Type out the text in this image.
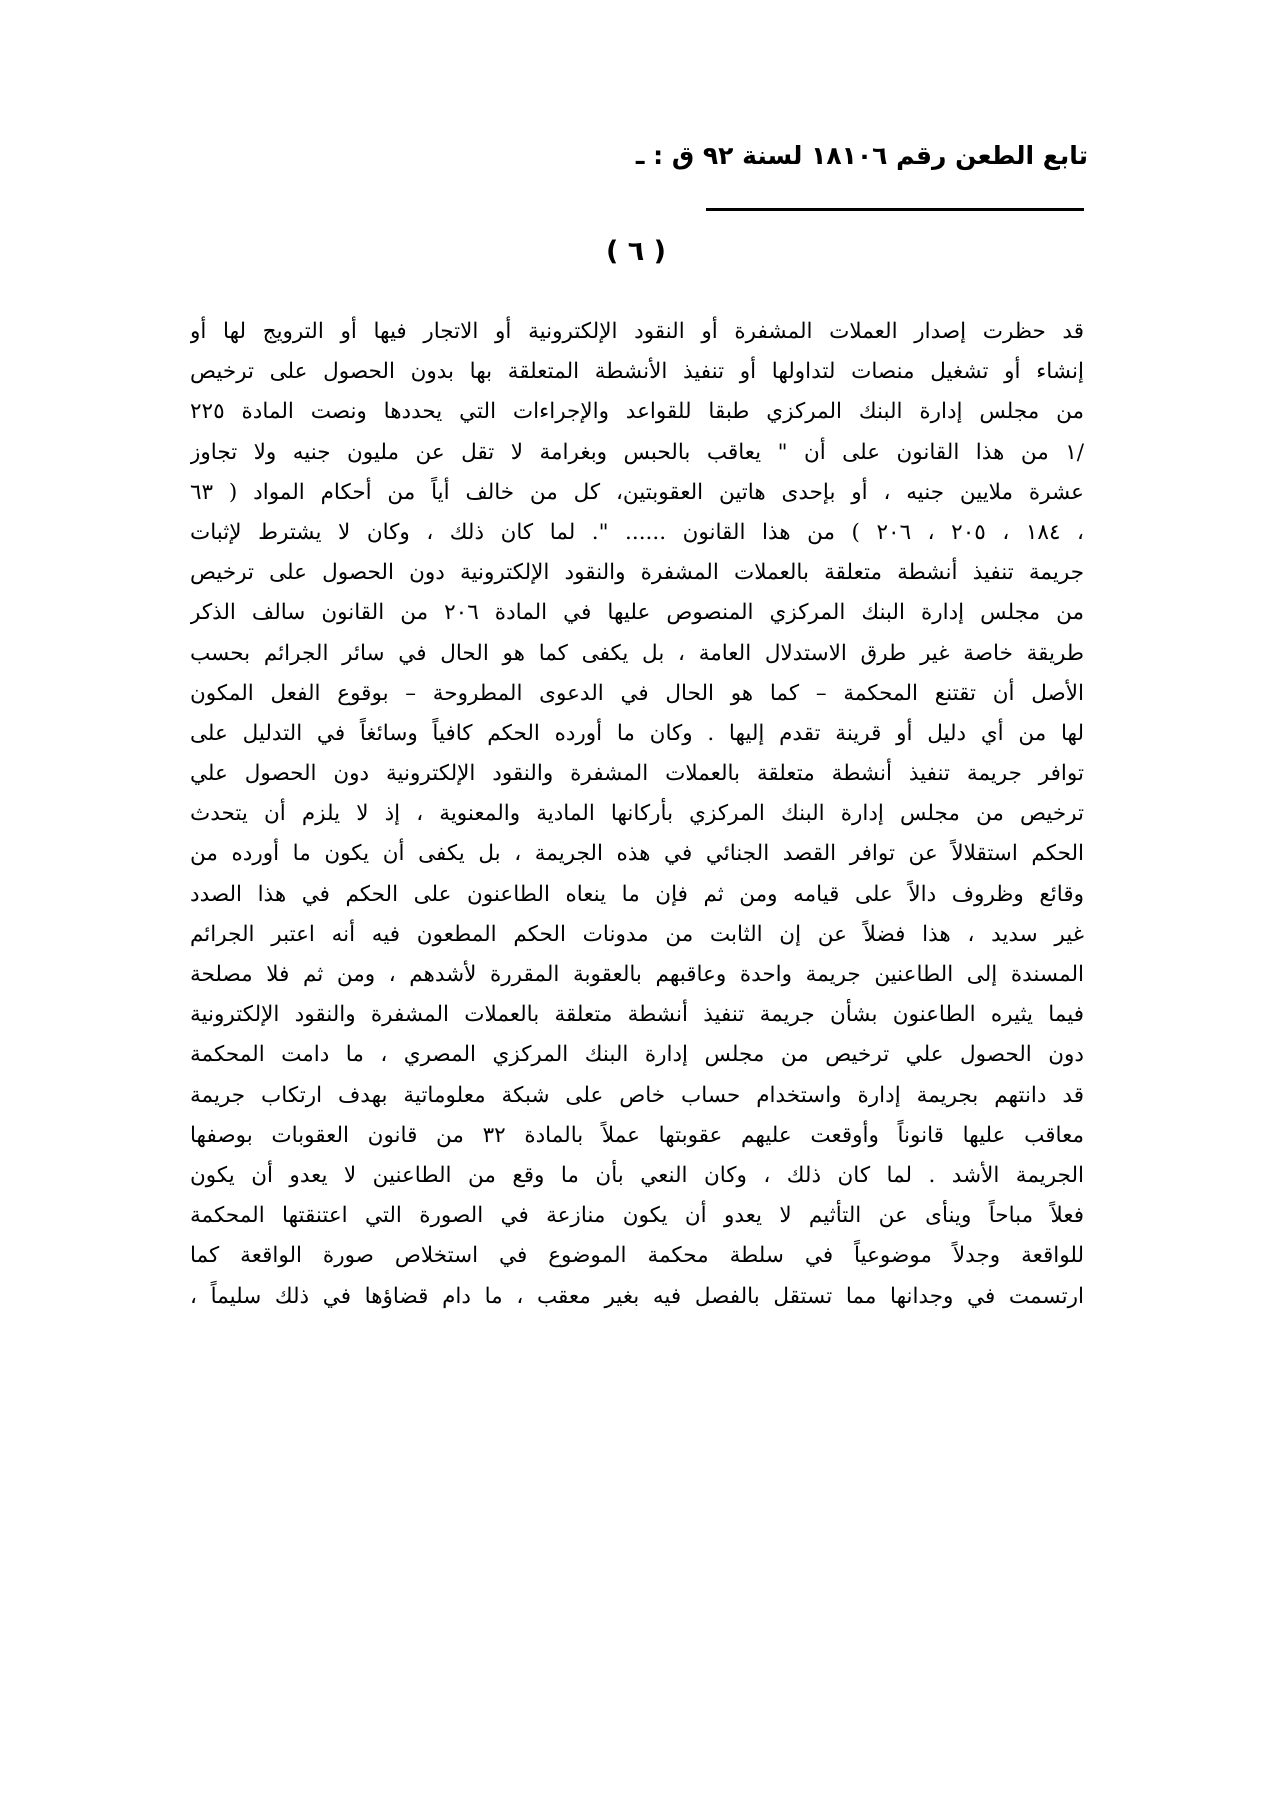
تابع الطعن رقم ١٨١٠٦ لسنة ٩٢ ق : ـ
( ٦ )
قد حظرت إصدار العملات المشفرة أو النقود الإلكترونية أو الاتجار فيها أو الترويج لها أو
إنشاء أو تشغيل منصات لتداولها أو تنفيذ الأنشطة المتعلقة بها بدون الحصول على ترخيص
من مجلس إدارة البنك المركزي طبقا للقواعد والإجراءات التي يحددها ونصت المادة ٢٢٥
/١ من هذا القانون على أن " يعاقب بالحبس وبغرامة لا تقل عن مليون جنيه ولا تجاوز
عشرة ملايين جنيه ، أو بإحدى هاتين العقوبتين، كل من خالف أياً من أحكام المواد ( ٦٣
، ١٨٤ ، ٢٠٥ ، ٢٠٦ ) من هذا القانون ...... ". لما كان ذلك ، وكان لا يشترط لإثبات
جريمة تنفيذ أنشطة متعلقة بالعملات المشفرة والنقود الإلكترونية دون الحصول على ترخيص
من مجلس إدارة البنك المركزي المنصوص عليها في المادة ٢٠٦ من القانون سالف الذكر
طريقة خاصة غير طرق الاستدلال العامة ، بل يكفى كما هو الحال في سائر الجرائم بحسب
الأصل أن تقتنع المحكمة – كما هو الحال في الدعوى المطروحة – بوقوع الفعل المكون
لها من أي دليل أو قرينة تقدم إليها . وكان ما أورده الحكم كافياً وسائغاً في التدليل على
توافر جريمة تنفيذ أنشطة متعلقة بالعملات المشفرة والنقود الإلكترونية دون الحصول علي
ترخيص من مجلس إدارة البنك المركزي بأركانها المادية والمعنوية ، إذ لا يلزم أن يتحدث
الحكم استقلالاً عن توافر القصد الجنائي في هذه الجريمة ، بل يكفى أن يكون ما أورده من
وقائع وظروف دالاً على قيامه ومن ثم فإن ما ينعاه الطاعنون على الحكم في هذا الصدد
غير سديد ، هذا فضلاً عن إن الثابت من مدونات الحكم المطعون فيه أنه اعتبر الجرائم
المسندة إلى الطاعنين جريمة واحدة وعاقبهم بالعقوبة المقررة لأشدهم ، ومن ثم فلا مصلحة
فيما يثيره الطاعنون بشأن جريمة تنفيذ أنشطة متعلقة بالعملات المشفرة والنقود الإلكترونية
دون الحصول علي ترخيص من مجلس إدارة البنك المركزي المصري ، ما دامت المحكمة
قد دانتهم بجريمة إدارة واستخدام حساب خاص على شبكة معلوماتية بهدف ارتكاب جريمة
معاقب عليها قانوناً وأوقعت عليهم عقوبتها عملاً بالمادة ٣٢ من قانون العقوبات بوصفها
الجريمة الأشد . لما كان ذلك ، وكان النعي بأن ما وقع من الطاعنين لا يعدو أن يكون
فعلاً مباحاً وينأى عن التأثيم لا يعدو أن يكون منازعة في الصورة التي اعتنقتها المحكمة
للواقعة وجدلاً موضوعياً في سلطة محكمة الموضوع في استخلاص صورة الواقعة كما
ارتسمت في وجدانها مما تستقل بالفصل فيه بغير معقب ، ما دام قضاؤها في ذلك سليماً ،
